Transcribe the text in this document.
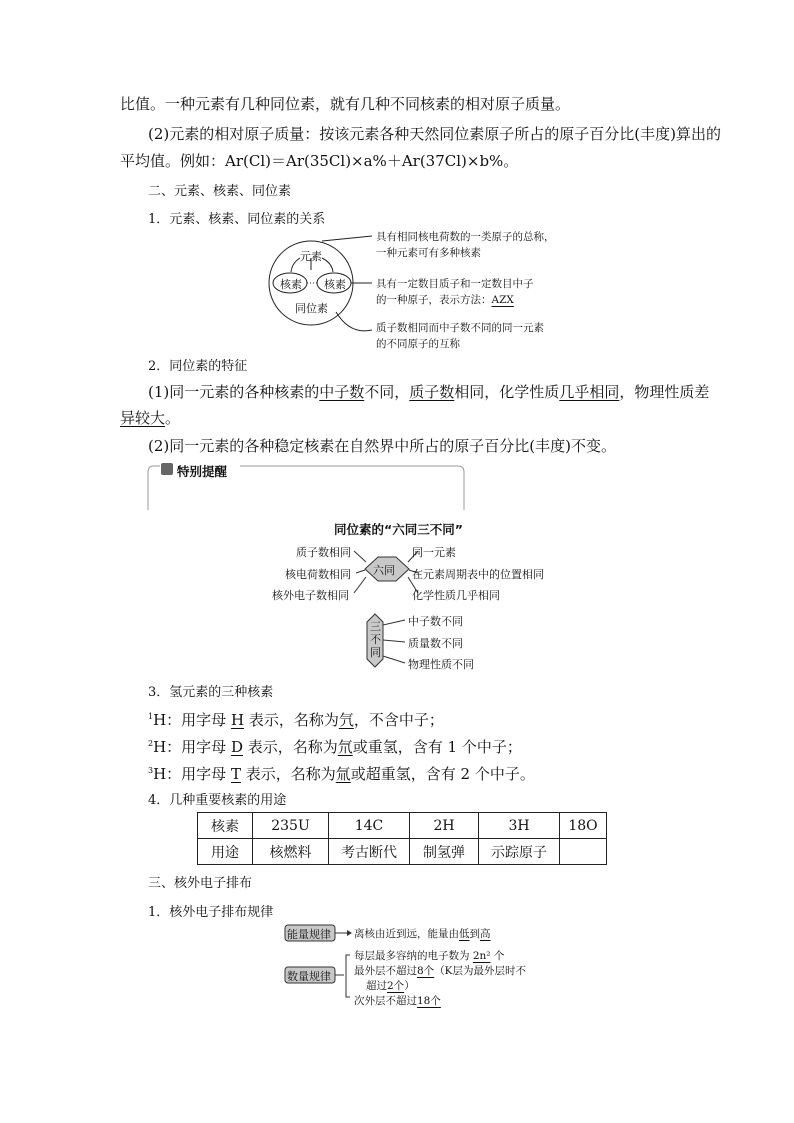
比值。一种元素有几种同位素，就有几种不同核素的相对原子质量。
(2)元素的相对原子质量：按该元素各种天然同位素原子所占的原子百分比(丰度)算出的
平均值。例如：Ar(Cl)＝Ar(35Cl)×a%＋Ar(37Cl)×b%。
二、元素、核素、同位素
1．元素、核素、同位素的关系
元素
核素 核素
同位素
具有相同核电荷数的一类原子的总称，
一种元素可有多种核素
具有一定数目质子和一定数目中子
的一种原子，表示方法：AZX
质子数相同而中子数不同的同一元素
的不同原子的互称
2．同位素的特征
(1)同一元素的各种核素的中子数不同，质子数相同，化学性质几乎相同，物理性质差
异较大。
(2)同一元素的各种稳定核素在自然界中所占的原子百分比(丰度)不变。
特别提醒
同位素的“六同三不同”
六同
质子数相同
核电荷数相同
核外电子数相同
同一元素
在元素周期表中的位置相同
化学性质几乎相同
三不同
中子数不同
质量数不同
物理性质不同
3．氢元素的三种核素
$^1$H：用字母 H 表示，名称为氕，不含中子；
$^2$H：用字母 D 表示，名称为氘或重氢，含有 1 个中子；
$^3$H：用字母 T 表示，名称为氚或超重氢，含有 2 个中子。
4．几种重要核素的用途
核素	235U	14C	2H	3H	18O
用途	核燃料	考古断代	制氢弹	示踪原子	
三、核外电子排布
1．核外电子排布规律
能量规律
数量规律
离核由近到远，能量由低到高
每层最多容纳的电子数为 2n² 个
最外层不超过8个（K层为最外层时不
超过2个）
次外层不超过18个
